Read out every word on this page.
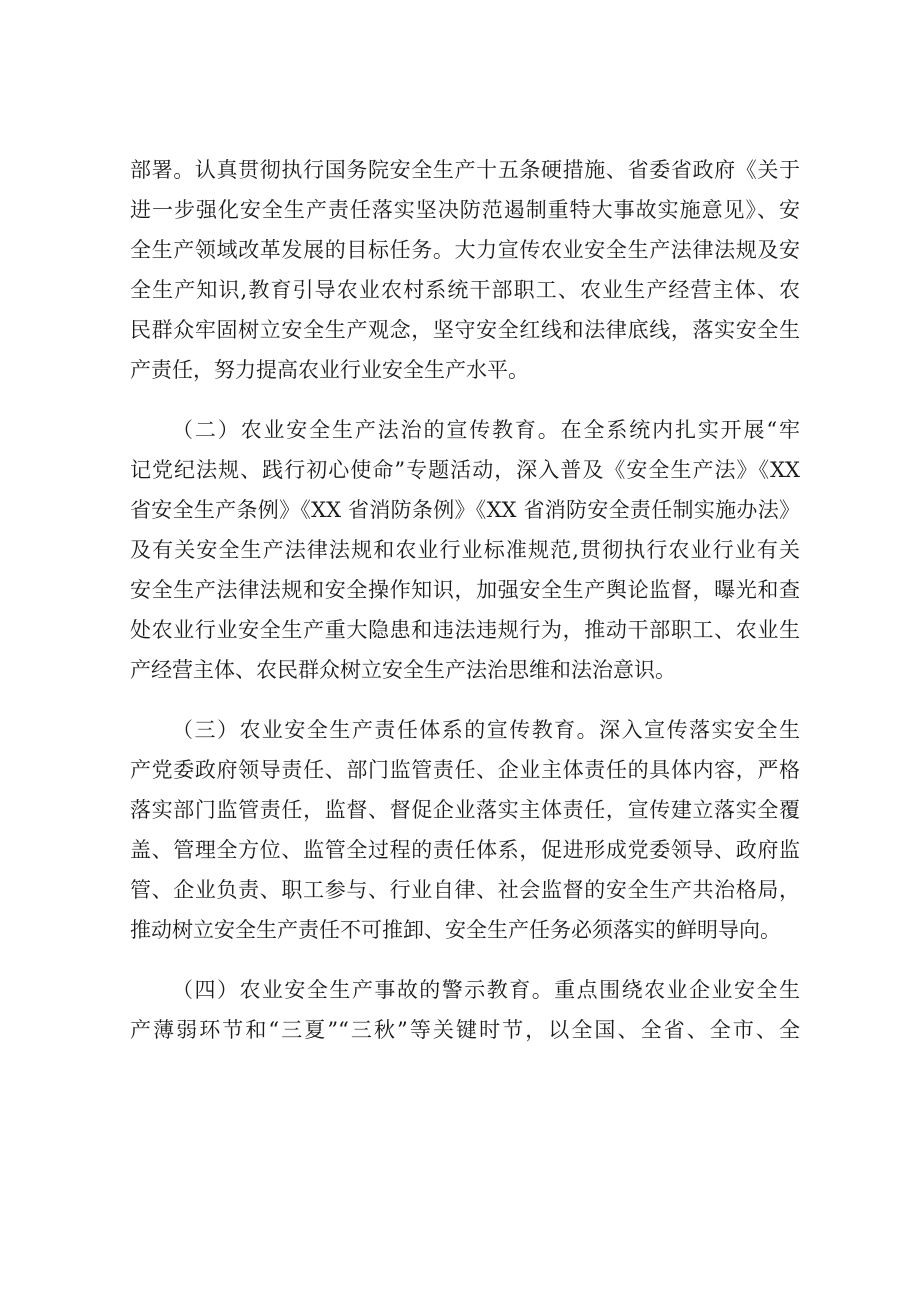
部署。认真贯彻执行国务院安全生产十五条硬措施、省委省政府《关于
进一步强化安全生产责任落实坚决防范遏制重特大事故实施意见》、安
全生产领域改革发展的目标任务。大力宣传农业安全生产法律法规及安
全生产知识,教育引导农业农村系统干部职工、农业生产经营主体、农
民群众牢固树立安全生产观念，坚守安全红线和法律底线，落实安全生
产责任，努力提高农业行业安全生产水平。
（二）农业安全生产法治的宣传教育。在全系统内扎实开展“牢
记党纪法规、践行初心使命”专题活动，深入普及《安全生产法》《XX
省安全生产条例》《XX 省消防条例》《XX 省消防安全责任制实施办法》
及有关安全生产法律法规和农业行业标准规范,贯彻执行农业行业有关
安全生产法律法规和安全操作知识，加强安全生产舆论监督，曝光和查
处农业行业安全生产重大隐患和违法违规行为，推动干部职工、农业生
产经营主体、农民群众树立安全生产法治思维和法治意识。
（三）农业安全生产责任体系的宣传教育。深入宣传落实安全生
产党委政府领导责任、部门监管责任、企业主体责任的具体内容，严格
落实部门监管责任，监督、督促企业落实主体责任，宣传建立落实全覆
盖、管理全方位、监管全过程的责任体系，促进形成党委领导、政府监
管、企业负责、职工参与、行业自律、社会监督的安全生产共治格局，
推动树立安全生产责任不可推卸、安全生产任务必须落实的鲜明导向。
（四）农业安全生产事故的警示教育。重点围绕农业企业安全生
产薄弱环节和“三夏”“三秋”等关键时节，以全国、全省、全市、全
